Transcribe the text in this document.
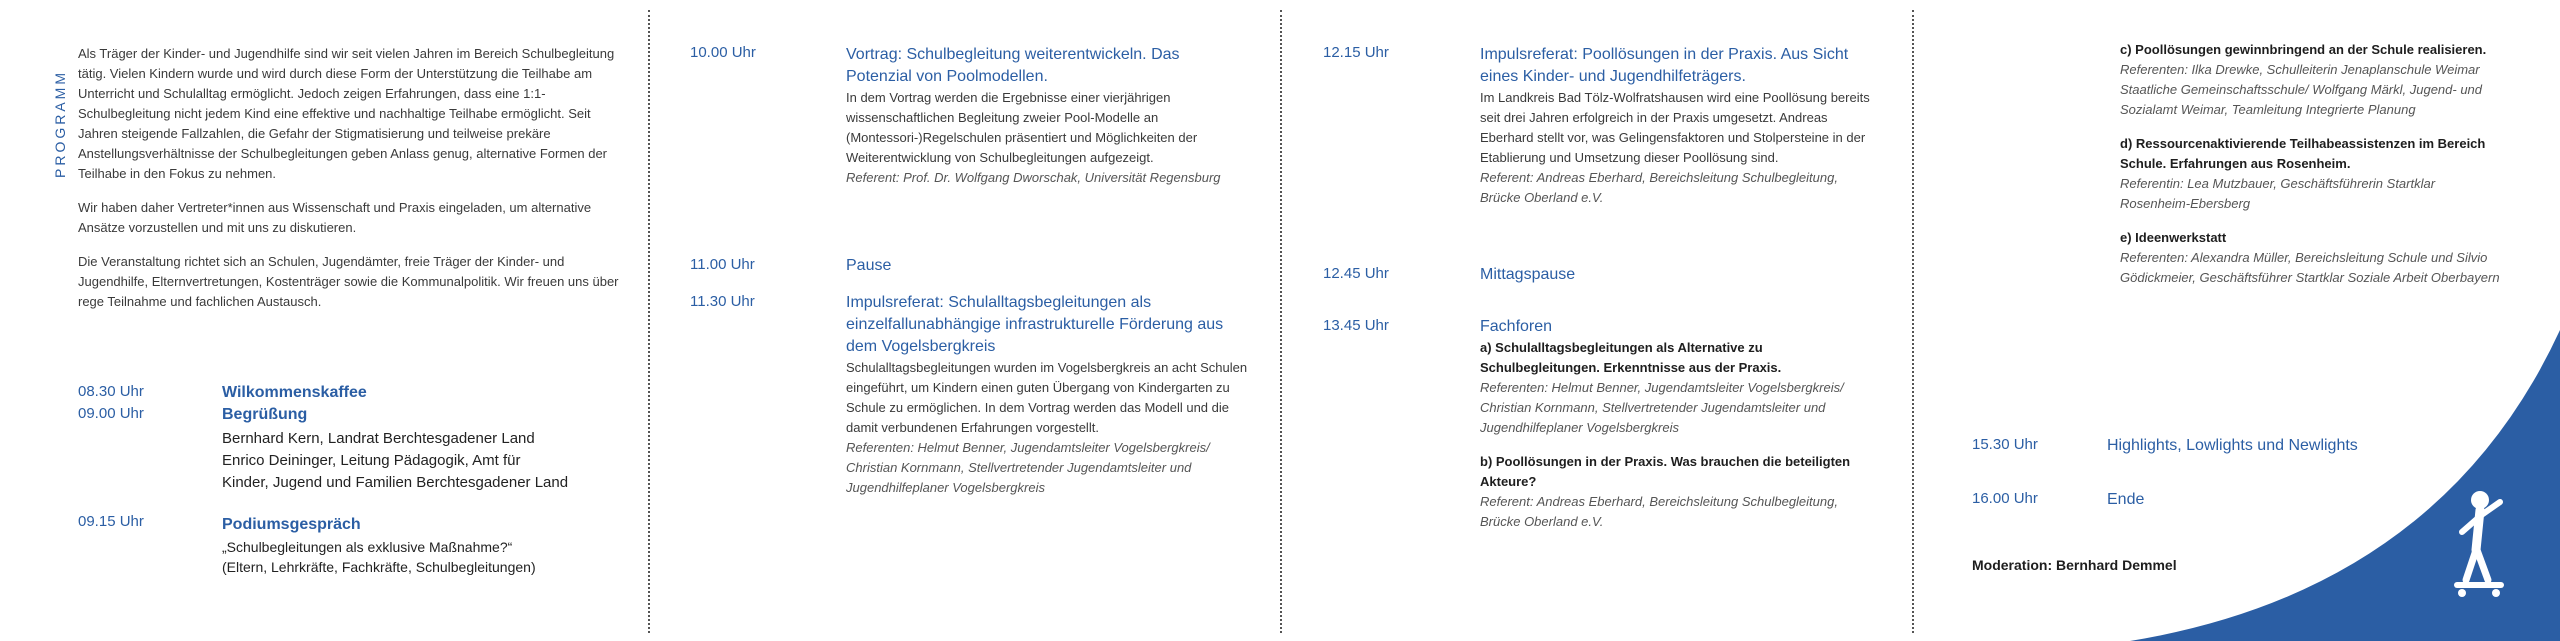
PROGRAMM

Als Träger der Kinder- und Jugendhilfe sind wir seit vielen Jahren im Bereich Schulbegleitung tätig. Vielen Kindern wurde und wird durch diese Form der Unterstützung die Teilhabe am Unterricht und Schulalltag ermöglicht. Jedoch zeigen Erfahrungen, dass eine 1:1-Schulbegleitung nicht jedem Kind eine effektive und nachhaltige Teilhabe ermöglicht. Seit Jahren steigende Fallzahlen, die Gefahr der Stigmatisierung und teilweise prekäre Anstellungsverhältnisse der Schulbegleitungen geben Anlass genug, alternative Formen der Teilhabe in den Fokus zu nehmen.

Wir haben daher Vertreter*innen aus Wissenschaft und Praxis eingeladen, um alternative Ansätze vorzustellen und mit uns zu diskutieren.

Die Veranstaltung richtet sich an Schulen, Jugendämter, freie Träger der Kinder- und Jugendhilfe, Elternvertretungen, Kostenträger sowie die Kommunalpolitik. Wir freuen uns über rege Teilnahme und fachlichen Austausch.

08.30 Uhr	Wilkommenskaffee
09.00 Uhr	Begrüßung
Bernhard Kern, Landrat Berchtesgadener Land
Enrico Deininger, Leitung Pädagogik, Amt für
Kinder, Jugend und Familien Berchtesgadener Land
09.15 Uhr	Podiumsgespräch
„Schulbegleitungen als exklusive Maßnahme?“
(Eltern, Lehrkräfte, Fachkräfte, Schulbegleitungen)
10.00 Uhr	Vortrag: Schulbegleitung weiterentwickeln. Das Potenzial von Poolmodellen.

In dem Vortrag werden die Ergebnisse einer vierjährigen wissenschaftlichen Begleitung zweier Pool-Modelle an (Montessori-)Regelschulen präsentiert und Möglichkeiten der Weiterentwicklung von Schulbegleitungen aufgezeigt.

Referent: Prof. Dr. Wolfgang Dworschak, Universität Regensburg

11.00 Uhr	Pause
11.30 Uhr	Impulsreferat: Schulalltagsbegleitungen als einzelfallunabhängige infrastrukturelle Förderung aus dem Vogelsbergkreis

Schulalltagsbegleitungen wurden im Vogelsbergkreis an acht Schulen eingeführt, um Kindern einen guten Übergang von Kindergarten zu Schule zu ermöglichen. In dem Vortrag werden das Modell und die damit verbundenen Erfahrungen vorgestellt.

Referenten: Helmut Benner, Jugendamtsleiter Vogelsbergkreis/

Christian Kornmann, Stellvertretender Jugendamtsleiter und Jugendhilfeplaner Vogelsbergkreis

12.15 Uhr	Impulsreferat: Poollösungen in der Praxis. Aus Sicht eines Kinder- und Jugendhilfeträgers.

Im Landkreis Bad Tölz-Wolfratshausen wird eine Poollösung bereits seit drei Jahren erfolgreich in der Praxis umgesetzt. Andreas Eberhard stellt vor, was Gelingensfaktoren und Stolpersteine in der Etablierung und Umsetzung dieser Poollösung sind.

Referent: Andreas Eberhard, Bereichsleitung Schulbegleitung, Brücke Oberland e.V.

12.45 Uhr	Mittagspause
13.45 Uhr	Fachforen

a) Schulalltagsbegleitungen als Alternative zu Schulbegleitungen. Erkenntnisse aus der Praxis.

Referenten: Helmut Benner, Jugendamtsleiter Vogelsbergkreis/

Christian Kornmann, Stellvertretender Jugendamtsleiter und Jugendhilfeplaner Vogelsbergkreis

b) Poollösungen in der Praxis. Was brauchen die beteiligten Akteure?

Referent: Andreas Eberhard, Bereichsleitung Schulbegleitung, Brücke Oberland e.V.

c) Poollösungen gewinnbringend an der Schule realisieren.

Referenten: Ilka Drewke, Schulleiterin Jenaplanschule Weimar Staatliche Gemeinschaftsschule/ Wolfgang Märkl, Jugend- und Sozialamt Weimar, Teamleitung Integrierte Planung

d) Ressourcenaktivierende Teilhabeassistenzen im Bereich Schule. Erfahrungen aus Rosenheim.

Referentin: Lea Mutzbauer, Geschäftsführerin Startklar Rosenheim-Ebersberg

e) Ideenwerkstatt

Referenten: Alexandra Müller, Bereichsleitung Schule und Silvio Gödickmeier, Geschäftsführer Startklar Soziale Arbeit Oberbayern

15.30 Uhr	Highlights, Lowlights und Newlights
16.00 Uhr	Ende
Moderation: Bernhard Demmel
